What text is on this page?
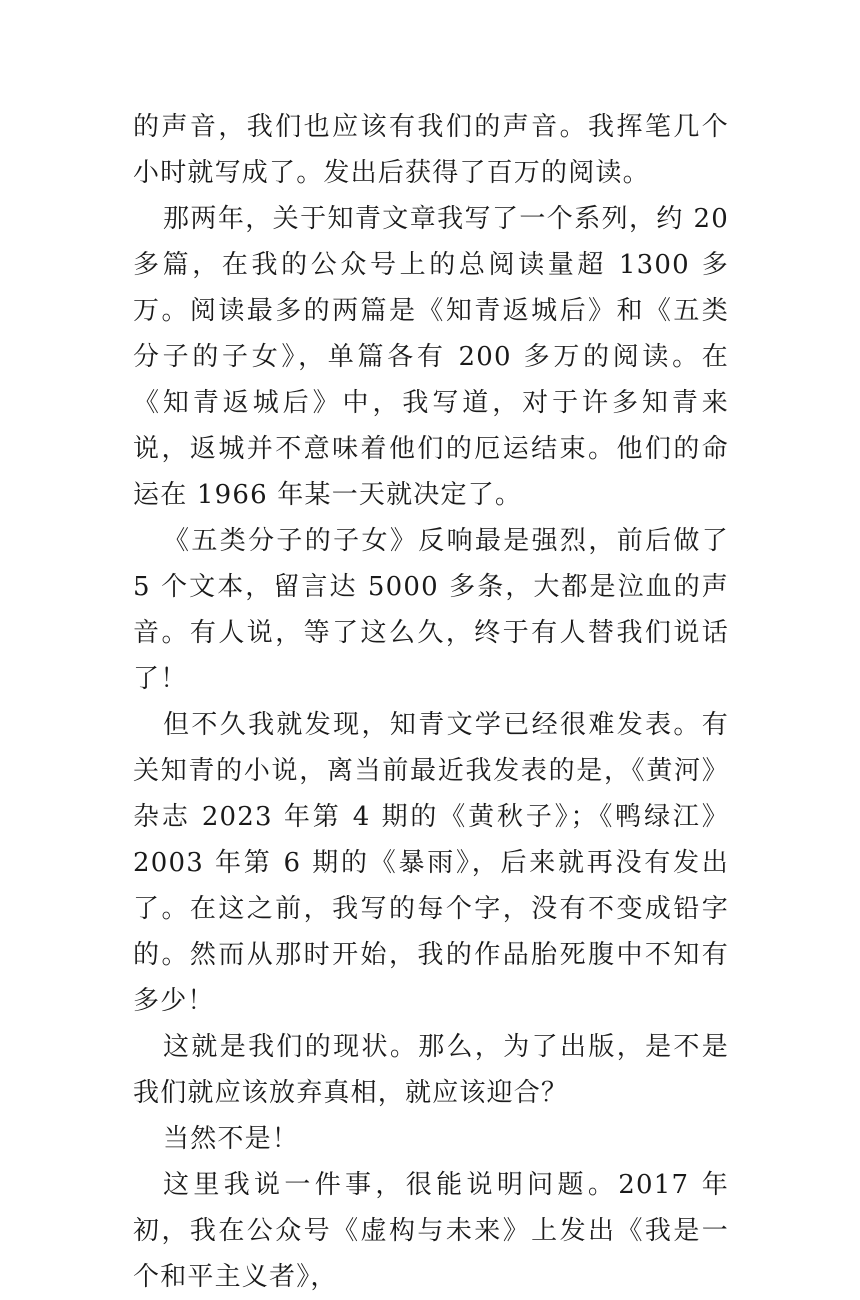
的声音，我们也应该有我们的声音。我挥笔几个小时就写成了。发出后获得了百万的阅读。

那两年，关于知青文章我写了一个系列，约 20 多篇，在我的公众号上的总阅读量超 1300 多万。阅读最多的两篇是《知青返城后》和《五类分子的子女》，单篇各有 200 多万的阅读。在《知青返城后》中，我写道，对于许多知青来说，返城并不意味着他们的厄运结束。他们的命运在 1966 年某一天就决定了。

《五类分子的子女》反响最是强烈，前后做了 5 个文本，留言达 5000 多条，大都是泣血的声音。有人说，等了这么久，终于有人替我们说话了！

但不久我就发现，知青文学已经很难发表。有关知青的小说，离当前最近我发表的是，《黄河》杂志 2023 年第 4 期的《黄秋子》；《鸭绿江》2003 年第 6 期的《暴雨》，后来就再没有发出了。在这之前，我写的每个字，没有不变成铅字的。然而从那时开始，我的作品胎死腹中不知有多少！

这就是我们的现状。那么，为了出版，是不是我们就应该放弃真相，就应该迎合？

当然不是！

这里我说一件事，很能说明问题。2017 年初，我在公众号《虚构与未来》上发出《我是一个和平主义者》，
